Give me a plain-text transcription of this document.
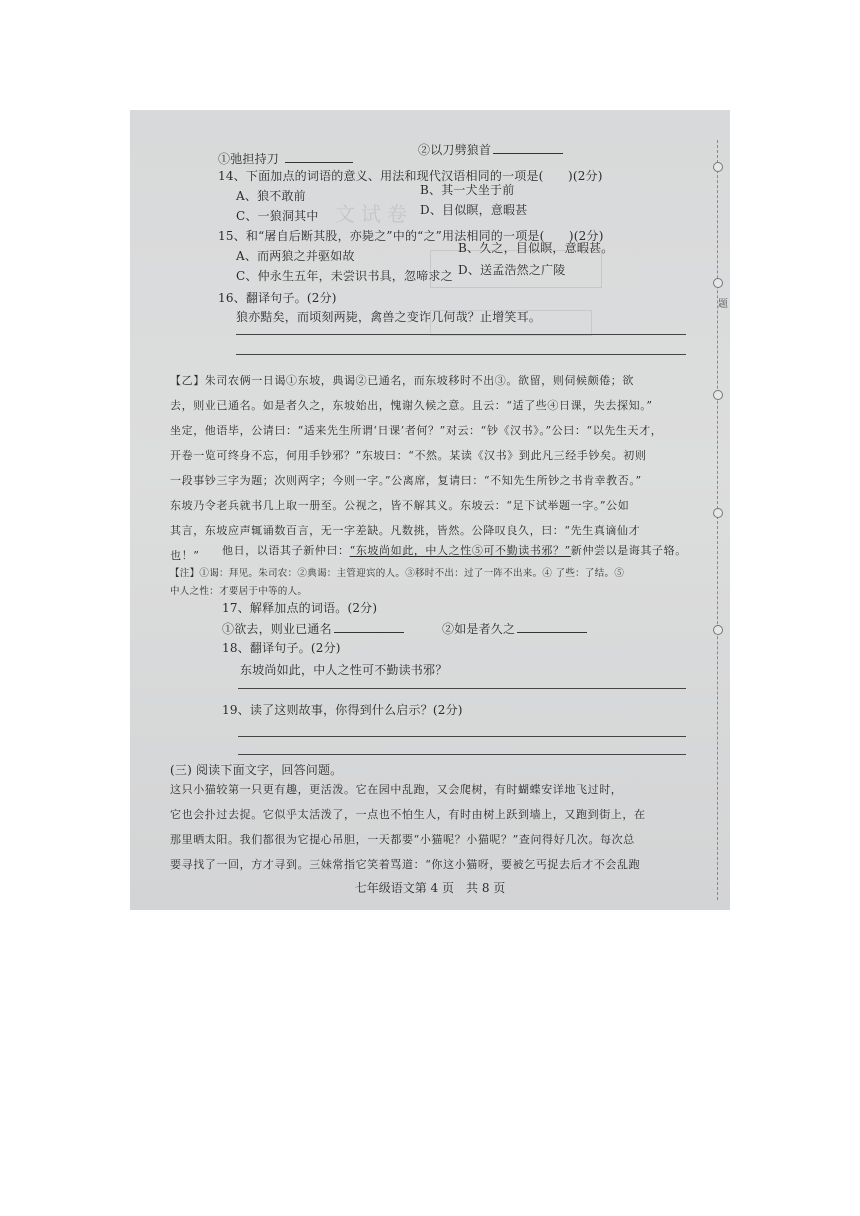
文试卷
题
①弛担持刀
②以刀劈狼首
14、下面加点的词语的意义、用法和现代汉语相同的一项是(　　)(2分)
A、狼不敢前	B、其一犬坐于前
C、一狼洞其中	D、目似瞑，意暇甚
15、和“屠自后断其股，亦毙之”中的“之”用法相同的一项是(　　)(2分)
A、而两狼之并驱如故
B、久之，目似瞑，意暇甚。
C、仲永生五年，未尝识书具，忽啼求之 D、送孟浩然之广陵
16、翻译句子。(2分)
狼亦黠矣，而顷刻两毙，禽兽之变诈几何哉？止增笑耳。
【乙】朱司农俩一日谒①东坡，典谒②已通名，而东坡移时不出③。欲留，则伺候颇倦；欲
去，则业已通名。如是者久之，东坡始出，愧谢久候之意。且云：“适了些④日课，失去探知。”
坐定，他语毕，公请曰：“适来先生所谓‘日课’者何？”对云：“钞《汉书》。”公曰：“以先生天才，
开卷一览可终身不忘，何用手钞邪？”东坡曰：“不然。某读《汉书》到此凡三经手钞矣。初则
一段事钞三字为题；次则两字；今则一字。”公离席，复请曰：“不知先生所钞之书肯幸教否。”
东坡乃令老兵就书几上取一册至。公视之，皆不解其义。东坡云：“足下试举题一字。”公如
其言，东坡应声辄诵数百言，无一字差缺。凡数挑，皆然。公降叹良久，曰：“先生真谪仙才
也！” 他日，以语其子新仲曰：“东坡尚如此，中人之性⑤可不勤读书邪？”新仲尝以是诲其子辂。
【注】①谒：拜见。朱司农：②典谒：主管迎宾的人。③移时不出：过了一阵不出来。④ 了些：了结。⑤
中人之性：才要居于中等的人。
17、解释加点的词语。(2分)
①欲去，则业已通名	②如是者久之
18、翻译句子。(2分)
东坡尚如此，中人之性可不勤读书邪？
19、读了这则故事，你得到什么启示？(2分)
(三) 阅读下面文字，回答问题。
这只小猫较第一只更有趣，更活泼。它在园中乱跑，又会爬树，有时蝴蝶安详地飞过时，
它也会扑过去捉。它似乎太活泼了，一点也不怕生人，有时由树上跃到墙上，又跑到街上，在
那里晒太阳。我们都很为它提心吊胆，一天都要“小猫呢？小猫呢？”查问得好几次。每次总
要寻找了一回，方才寻到。三妹常指它笑着骂道：“你这小猫呀，要被乞丐捉去后才不会乱跑
七年级语文第 4 页　共 8 页
